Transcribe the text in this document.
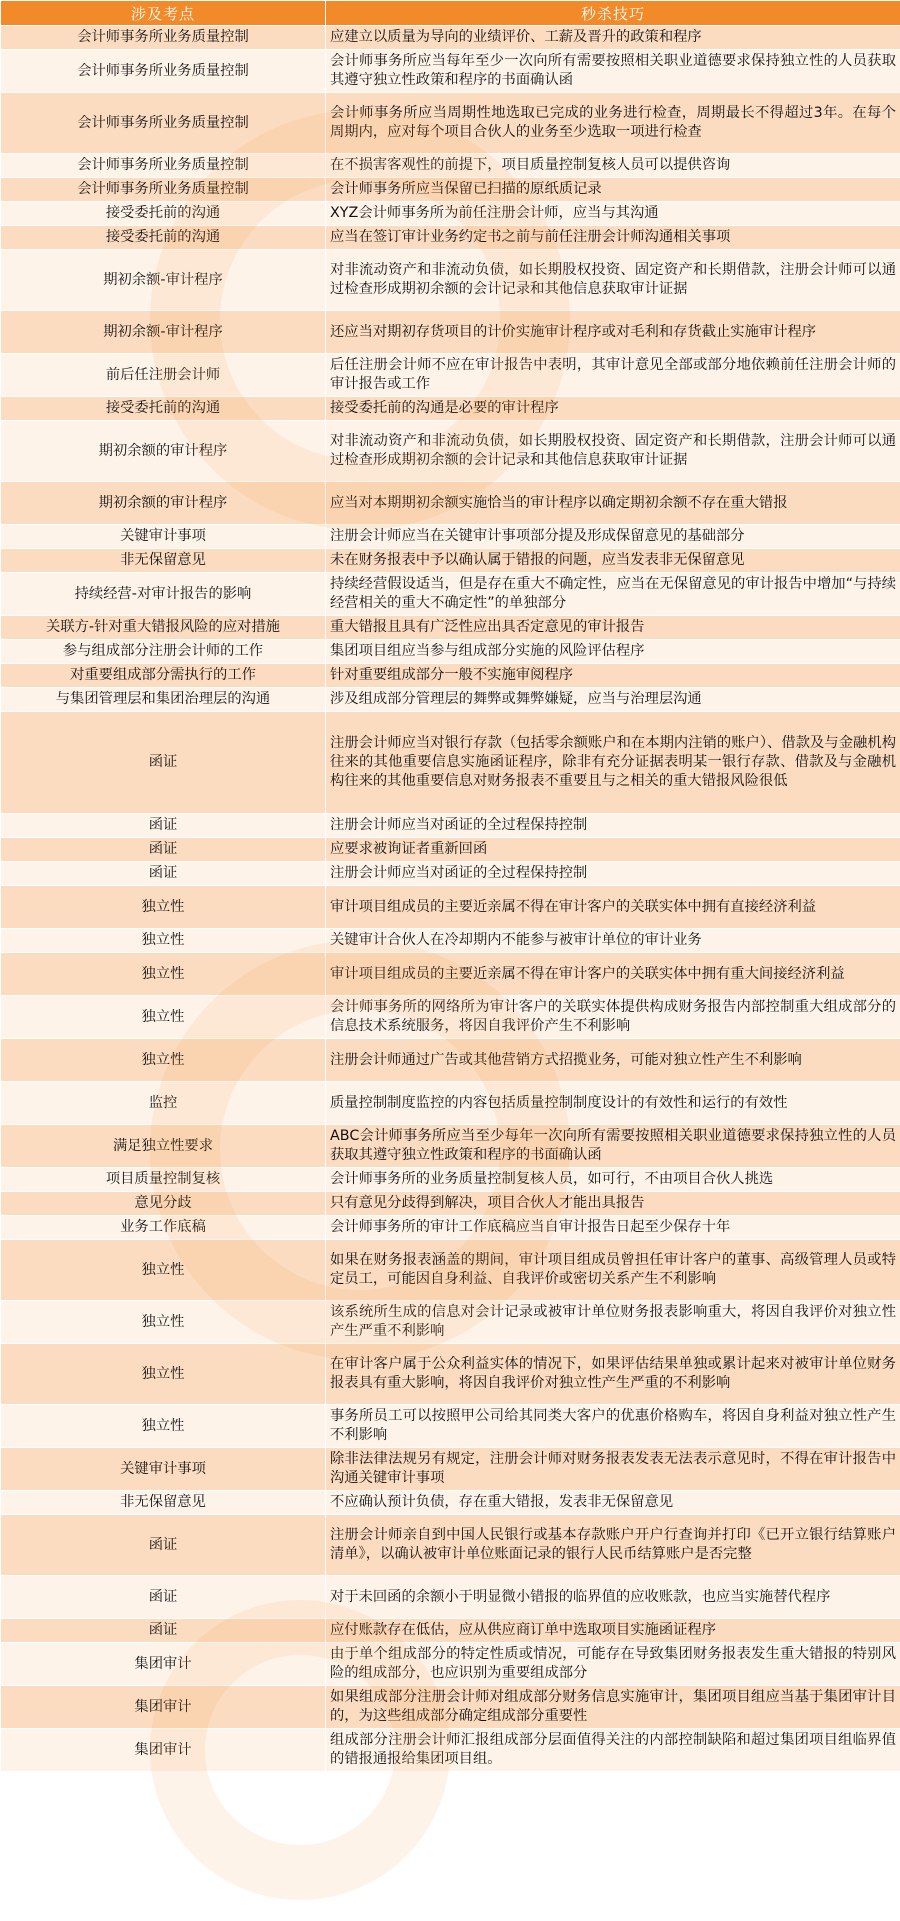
涉及考点	秒杀技巧
会计师事务所业务质量控制	应建立以质量为导向的业绩评价、工薪及晋升的政策和程序
会计师事务所业务质量控制	会计师事务所应当每年至少一次向所有需要按照相关职业道德要求保持独立性的人员获取其遵守独立性政策和程序的书面确认函
会计师事务所业务质量控制	会计师事务所应当周期性地选取已完成的业务进行检查，周期最长不得超过3年。在每个周期内，应对每个项目合伙人的业务至少选取一项进行检查
会计师事务所业务质量控制	在不损害客观性的前提下，项目质量控制复核人员可以提供咨询
会计师事务所业务质量控制	会计师事务所应当保留已扫描的原纸质记录
接受委托前的沟通	XYZ会计师事务所为前任注册会计师，应当与其沟通
接受委托前的沟通	应当在签订审计业务约定书之前与前任注册会计师沟通相关事项
期初余额-审计程序	对非流动资产和非流动负债，如长期股权投资、固定资产和长期借款，注册会计师可以通过检查形成期初余额的会计记录和其他信息获取审计证据
期初余额-审计程序	还应当对期初存货项目的计价实施审计程序或对毛利和存货截止实施审计程序
前后任注册会计师	后任注册会计师不应在审计报告中表明，其审计意见全部或部分地依赖前任注册会计师的审计报告或工作
接受委托前的沟通	接受委托前的沟通是必要的审计程序
期初余额的审计程序	对非流动资产和非流动负债，如长期股权投资、固定资产和长期借款，注册会计师可以通过检查形成期初余额的会计记录和其他信息获取审计证据
期初余额的审计程序	应当对本期期初余额实施恰当的审计程序以确定期初余额不存在重大错报
关键审计事项	注册会计师应当在关键审计事项部分提及形成保留意见的基础部分
非无保留意见	未在财务报表中予以确认属于错报的问题，应当发表非无保留意见
持续经营-对审计报告的影响	持续经营假设适当，但是存在重大不确定性，应当在无保留意见的审计报告中增加“与持续经营相关的重大不确定性”的单独部分
关联方-针对重大错报风险的应对措施	重大错报且具有广泛性应出具否定意见的审计报告
参与组成部分注册会计师的工作	集团项目组应当参与组成部分实施的风险评估程序
对重要组成部分需执行的工作	针对重要组成部分一般不实施审阅程序
与集团管理层和集团治理层的沟通	涉及组成部分管理层的舞弊或舞弊嫌疑，应当与治理层沟通
函证	注册会计师应当对银行存款（包括零余额账户和在本期内注销的账户）、借款及与金融机构往来的其他重要信息实施函证程序，除非有充分证据表明某一银行存款、借款及与金融机构往来的其他重要信息对财务报表不重要且与之相关的重大错报风险很低
函证	注册会计师应当对函证的全过程保持控制
函证	应要求被询证者重新回函
函证	注册会计师应当对函证的全过程保持控制
独立性	审计项目组成员的主要近亲属不得在审计客户的关联实体中拥有直接经济利益
独立性	关键审计合伙人在冷却期内不能参与被审计单位的审计业务
独立性	审计项目组成员的主要近亲属不得在审计客户的关联实体中拥有重大间接经济利益
独立性	会计师事务所的网络所为审计客户的关联实体提供构成财务报告内部控制重大组成部分的信息技术系统服务，将因自我评价产生不利影响
独立性	注册会计师通过广告或其他营销方式招揽业务，可能对独立性产生不利影响
监控	质量控制制度监控的内容包括质量控制制度设计的有效性和运行的有效性
满足独立性要求	ABC会计师事务所应当至少每年一次向所有需要按照相关职业道德要求保持独立性的人员获取其遵守独立性政策和程序的书面确认函
项目质量控制复核	会计师事务所的业务质量控制复核人员，如可行，不由项目合伙人挑选
意见分歧	只有意见分歧得到解决，项目合伙人才能出具报告
业务工作底稿	会计师事务所的审计工作底稿应当自审计报告日起至少保存十年
独立性	如果在财务报表涵盖的期间，审计项目组成员曾担任审计客户的董事、高级管理人员或特定员工，可能因自身利益、自我评价或密切关系产生不利影响
独立性	该系统所生成的信息对会计记录或被审计单位财务报表影响重大，将因自我评价对独立性产生严重不利影响
独立性	在审计客户属于公众利益实体的情况下，如果评估结果单独或累计起来对被审计单位财务报表具有重大影响，将因自我评价对独立性产生严重的不利影响
独立性	事务所员工可以按照甲公司给其同类大客户的优惠价格购车，将因自身利益对独立性产生不利影响
关键审计事项	除非法律法规另有规定，注册会计师对财务报表发表无法表示意见时，不得在审计报告中沟通关键审计事项
非无保留意见	不应确认预计负债，存在重大错报，发表非无保留意见
函证	注册会计师亲自到中国人民银行或基本存款账户开户行查询并打印《已开立银行结算账户清单》，以确认被审计单位账面记录的银行人民币结算账户是否完整
函证	对于未回函的余额小于明显微小错报的临界值的应收账款，也应当实施替代程序
函证	应付账款存在低估，应从供应商订单中选取项目实施函证程序
集团审计	由于单个组成部分的特定性质或情况，可能存在导致集团财务报表发生重大错报的特别风险的组成部分，也应识别为重要组成部分
集团审计	如果组成部分注册会计师对组成部分财务信息实施审计，集团项目组应当基于集团审计目的，为这些组成部分确定组成部分重要性
集团审计	组成部分注册会计师汇报组成部分层面值得关注的内部控制缺陷和超过集团项目组临界值的错报通报给集团项目组。
